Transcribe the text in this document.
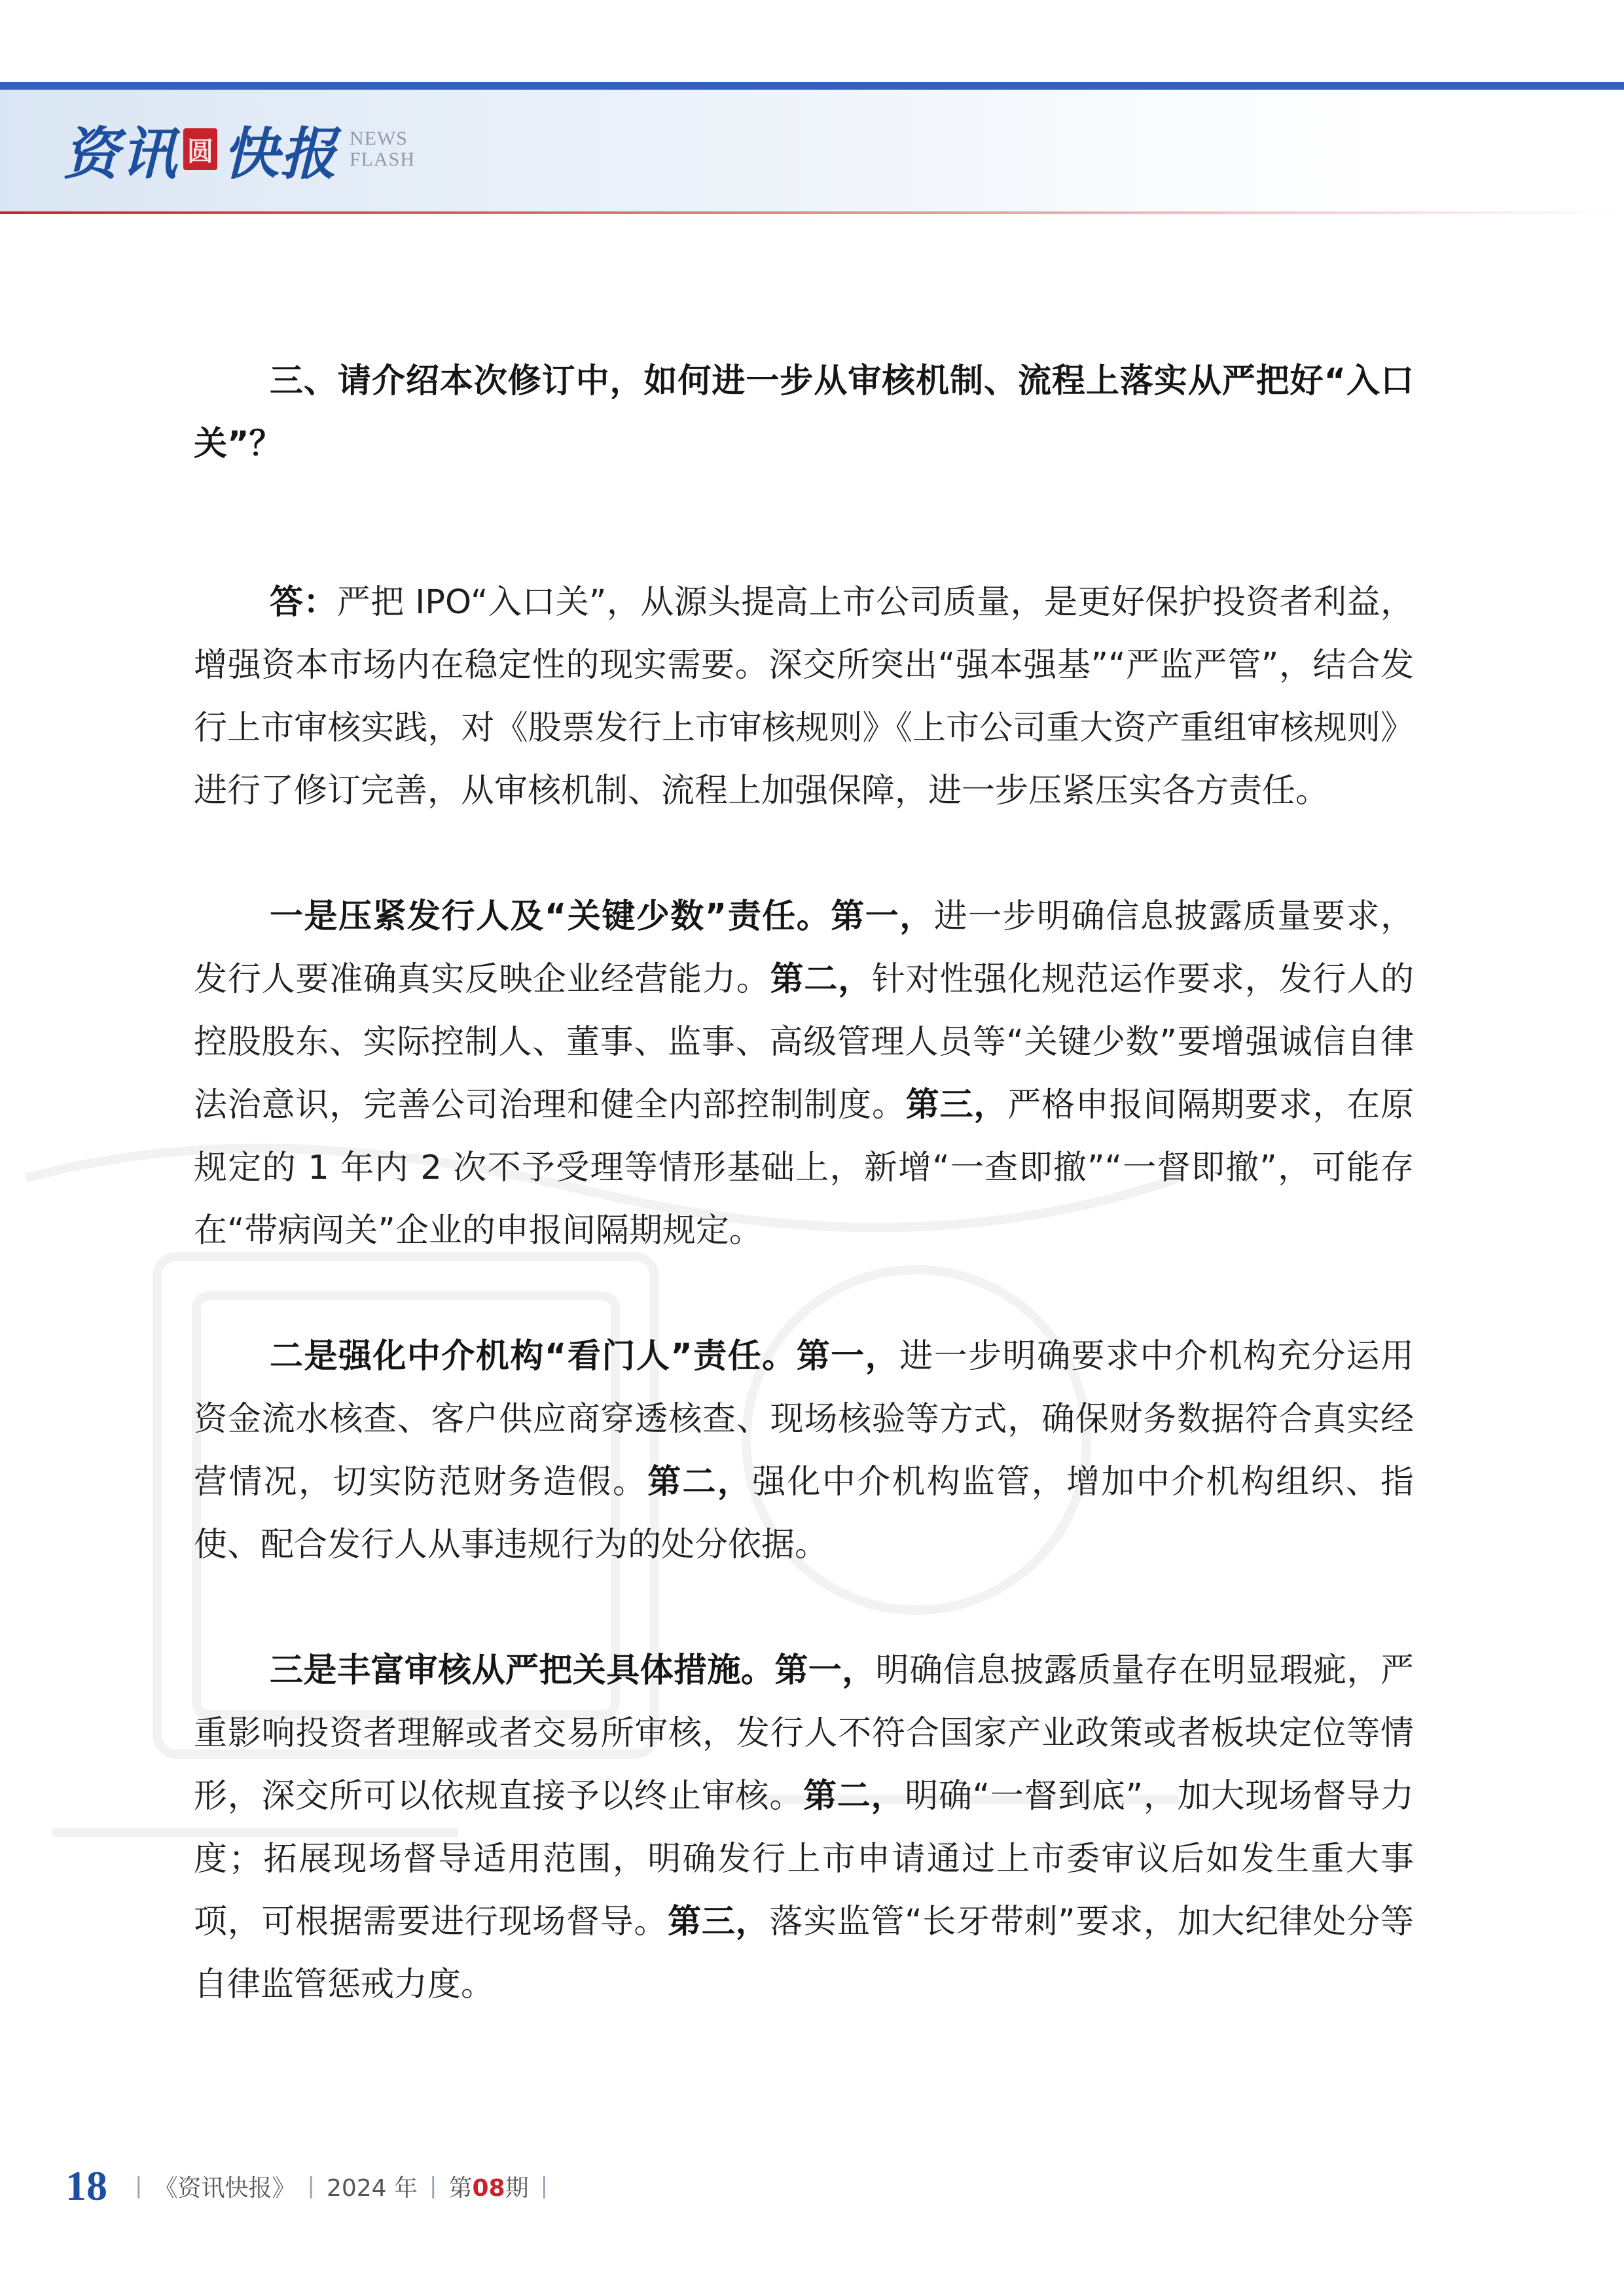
资讯 圆 快报 NEWS
FLASH

三、请介绍本次修订中，如何进一步从审核机制、流程上落实从严把好“入口关”？

答：严把 IPO“入口关”，从源头提高上市公司质量，是更好保护投资者利益，增强资本市场内在稳定性的现实需要。深交所突出“强本强基”“严监严管”，结合发行上市审核实践，对《股票发行上市审核规则》《上市公司重大资产重组审核规则》进行了修订完善，从审核机制、流程上加强保障，进一步压紧压实各方责任。

一是压紧发行人及“关键少数”责任。第一，进一步明确信息披露质量要求，发行人要准确真实反映企业经营能力。第二，针对性强化规范运作要求，发行人的控股股东、实际控制人、董事、监事、高级管理人员等“关键少数”要增强诚信自律法治意识，完善公司治理和健全内部控制制度。第三，严格申报间隔期要求，在原规定的 1 年内 2 次不予受理等情形基础上，新增“一查即撤”“一督即撤”，可能存在“带病闯关”企业的申报间隔期规定。

二是强化中介机构“看门人”责任。第一，进一步明确要求中介机构充分运用资金流水核查、客户供应商穿透核查、现场核验等方式，确保财务数据符合真实经营情况，切实防范财务造假。第二，强化中介机构监管，增加中介机构组织、指使、配合发行人从事违规行为的处分依据。

三是丰富审核从严把关具体措施。第一，明确信息披露质量存在明显瑕疵，严重影响投资者理解或者交易所审核，发行人不符合国家产业政策或者板块定位等情形，深交所可以依规直接予以终止审核。第二，明确“一督到底”，加大现场督导力度；拓展现场督导适用范围，明确发行上市申请通过上市委审议后如发生重大事项，可根据需要进行现场督导。第三，落实监管“长牙带刺”要求，加大纪律处分等自律监管惩戒力度。

18 | 《资讯快报》 | 2024 年 | 第08期 |
